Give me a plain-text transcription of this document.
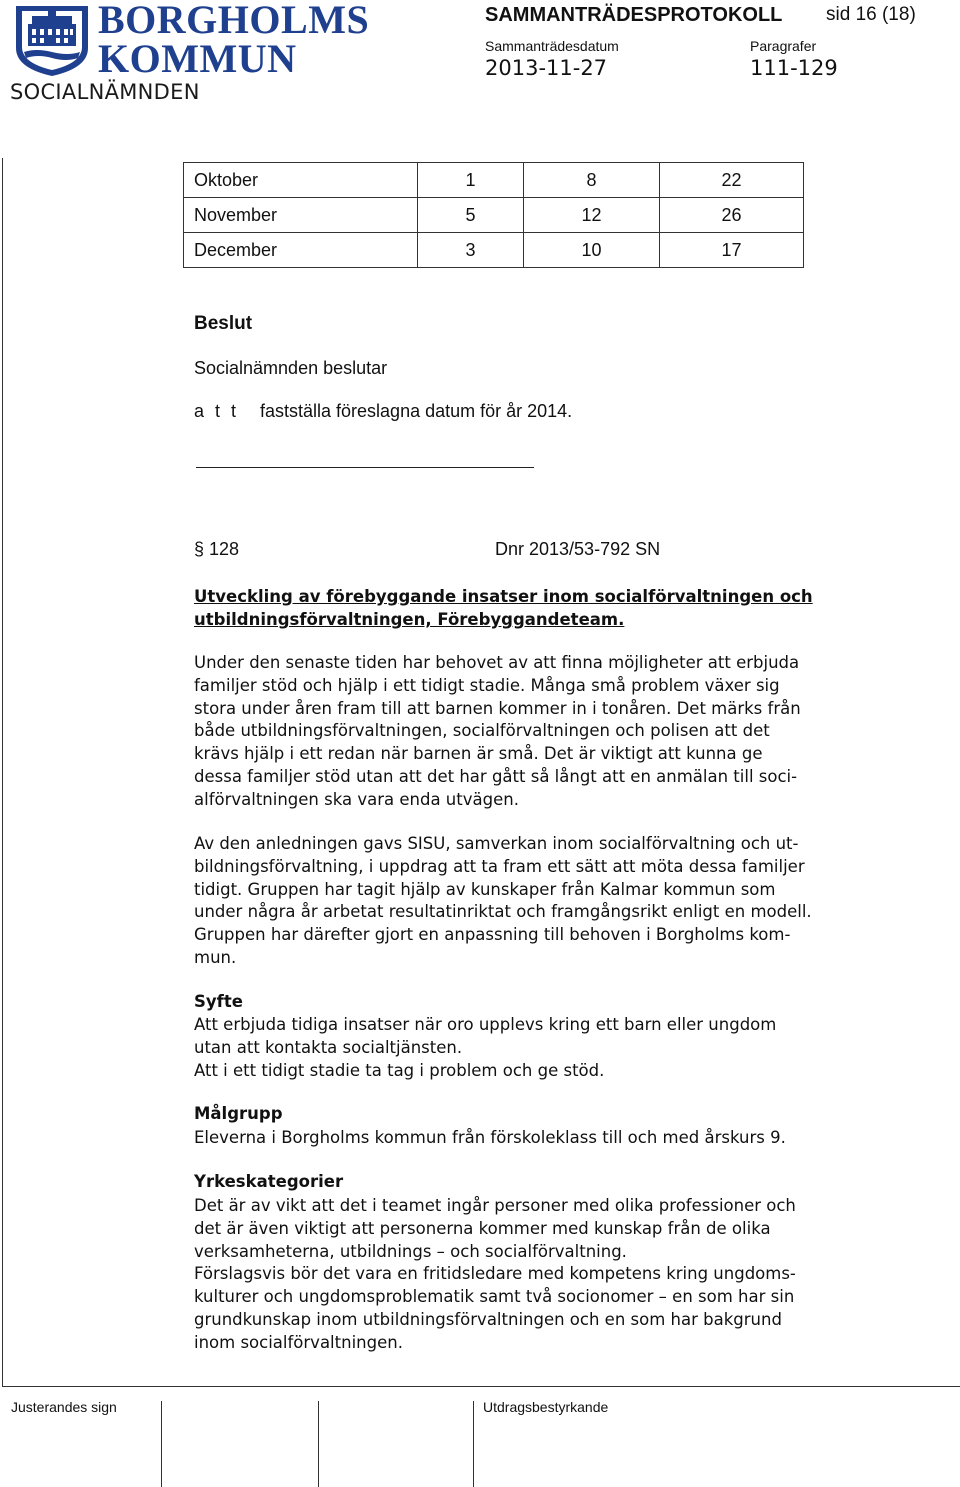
BORGHOLMS
KOMMUN
SOCIALNÄMNDEN
SAMMANTRÄDESPROTOKOLL sid 16 (18)
Sammanträdesdatum	Paragrafer
2013-11-27	111-129
Oktober	1	8	22
November	5	12	26
December	3	10	17
Beslut
Socialnämnden beslutar
a t t fastställa föreslagna datum för år 2014.
§ 128	Dnr 2013/53-792 SN
Utveckling av förebyggande insatser inom socialförvaltningen och
utbildningsförvaltningen, Förebyggandeteam.
Under den senaste tiden har behovet av att finna möjligheter att erbjuda
familjer stöd och hjälp i ett tidigt stadie. Många små problem växer sig
stora under åren fram till att barnen kommer in i tonåren. Det märks från
både utbildningsförvaltningen, socialförvaltningen och polisen att det
krävs hjälp i ett redan när barnen är små. Det är viktigt att kunna ge
dessa familjer stöd utan att det har gått så långt att en anmälan till soci-
alförvaltningen ska vara enda utvägen.
Av den anledningen gavs SISU, samverkan inom socialförvaltning och ut-
bildningsförvaltning, i uppdrag att ta fram ett sätt att möta dessa familjer
tidigt. Gruppen har tagit hjälp av kunskaper från Kalmar kommun som
under några år arbetat resultatinriktat och framgångsrikt enligt en modell.
Gruppen har därefter gjort en anpassning till behoven i Borgholms kom-
mun.
Syfte
Att erbjuda tidiga insatser när oro upplevs kring ett barn eller ungdom
utan att kontakta socialtjänsten.
Att i ett tidigt stadie ta tag i problem och ge stöd.
Målgrupp
Eleverna i Borgholms kommun från förskoleklass till och med årskurs 9.
Yrkeskategorier
Det är av vikt att det i teamet ingår personer med olika professioner och
det är även viktigt att personerna kommer med kunskap från de olika
verksamheterna, utbildnings – och socialförvaltning.
Förslagsvis bör det vara en fritidsledare med kompetens kring ungdoms-
kulturer och ungdomsproblematik samt två socionomer – en som har sin
grundkunskap inom utbildningsförvaltningen och en som har bakgrund
inom socialförvaltningen.
Justerandes sign	Utdragsbestyrkande
